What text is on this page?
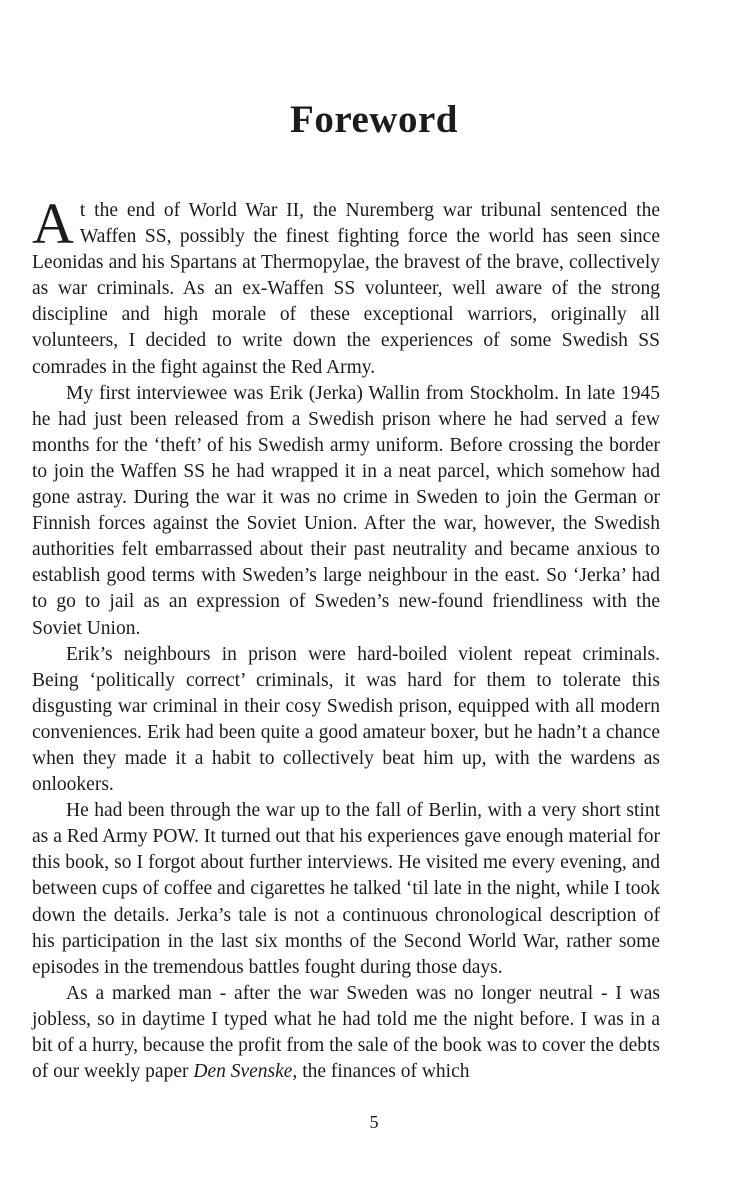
Foreword

At the end of World War II, the Nuremberg war tribunal sentenced the Waffen SS, possibly the finest fighting force the world has seen since Leonidas and his Spartans at Thermopylae, the bravest of the brave, collectively as war criminals. As an ex-Waffen SS volunteer, well aware of the strong discipline and high morale of these exceptional warriors, originally all volunteers, I decided to write down the experiences of some Swedish SS comrades in the fight against the Red Army.

My first interviewee was Erik (Jerka) Wallin from Stockholm. In late 1945 he had just been released from a Swedish prison where he had served a few months for the ‘theft’ of his Swedish army uniform. Before crossing the border to join the Waffen SS he had wrapped it in a neat parcel, which somehow had gone astray. During the war it was no crime in Sweden to join the German or Finnish forces against the Soviet Union. After the war, however, the Swedish authorities felt embarrassed about their past neutrality and became anxious to establish good terms with Sweden’s large neighbour in the east. So ‘Jerka’ had to go to jail as an expression of Sweden’s new-found friendliness with the Soviet Union.

Erik’s neighbours in prison were hard-boiled violent repeat criminals. Being ‘politically correct’ criminals, it was hard for them to tolerate this disgusting war criminal in their cosy Swedish prison, equipped with all modern conveniences. Erik had been quite a good amateur boxer, but he hadn’t a chance when they made it a habit to collectively beat him up, with the wardens as onlookers.

He had been through the war up to the fall of Berlin, with a very short stint as a Red Army POW. It turned out that his experiences gave enough material for this book, so I forgot about further interviews. He visited me every evening, and between cups of coffee and cigarettes he talked ‘til late in the night, while I took down the details. Jerka’s tale is not a continuous chronological description of his participation in the last six months of the Second World War, rather some episodes in the tremendous battles fought during those days.

As a marked man - after the war Sweden was no longer neutral - I was jobless, so in daytime I typed what he had told me the night before. I was in a bit of a hurry, because the profit from the sale of the book was to cover the debts of our weekly paper Den Svenske, the finances of which

5
